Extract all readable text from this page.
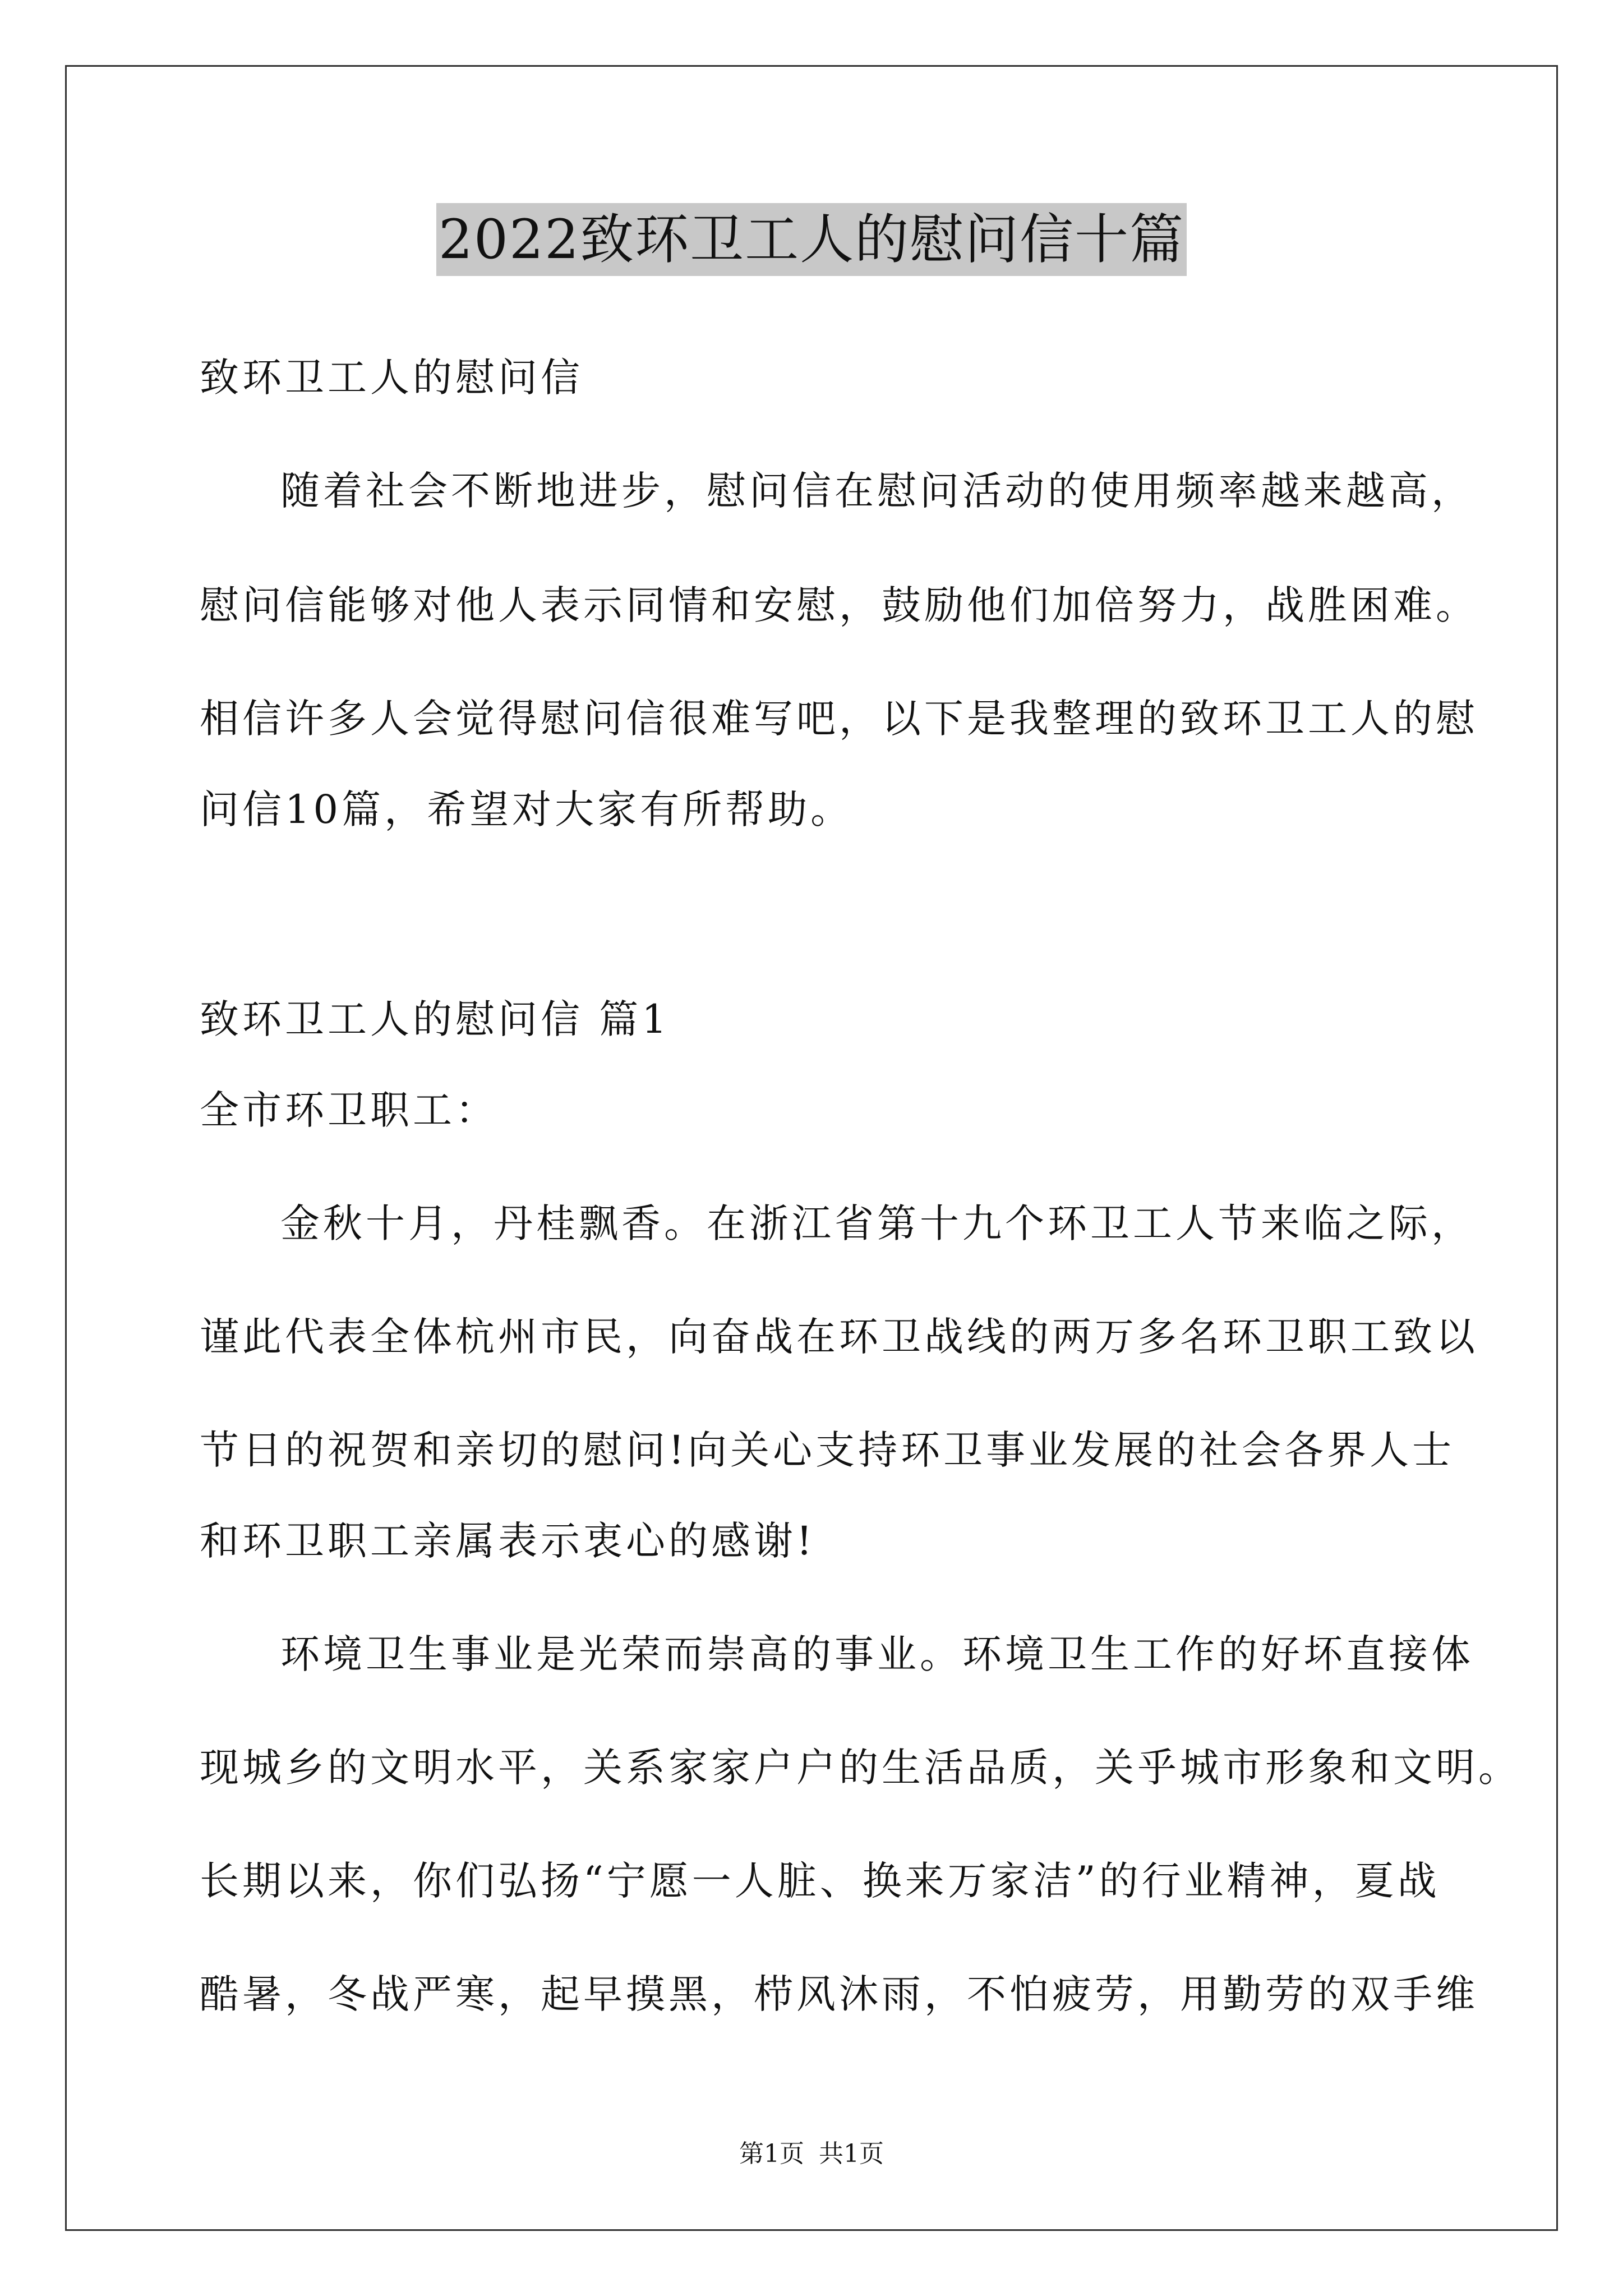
2022致环卫工人的慰问信十篇
致环卫工人的慰问信
随着社会不断地进步，慰问信在慰问活动的使用频率越来越高，
慰问信能够对他人表示同情和安慰，鼓励他们加倍努力，战胜困难。
相信许多人会觉得慰问信很难写吧，以下是我整理的致环卫工人的慰
问信10篇，希望对大家有所帮助。
致环卫工人的慰问信 篇1
全市环卫职工：
金秋十月，丹桂飘香。在浙江省第十九个环卫工人节来临之际，
谨此代表全体杭州市民，向奋战在环卫战线的两万多名环卫职工致以
节日的祝贺和亲切的慰问!向关心支持环卫事业发展的社会各界人士
和环卫职工亲属表示衷心的感谢!
环境卫生事业是光荣而崇高的事业。环境卫生工作的好坏直接体
现城乡的文明水平，关系家家户户的生活品质，关乎城市形象和文明。
长期以来，你们弘扬“宁愿一人脏、换来万家洁”的行业精神，夏战
酷暑，冬战严寒，起早摸黑，栉风沐雨，不怕疲劳，用勤劳的双手维
第1页 共1页
